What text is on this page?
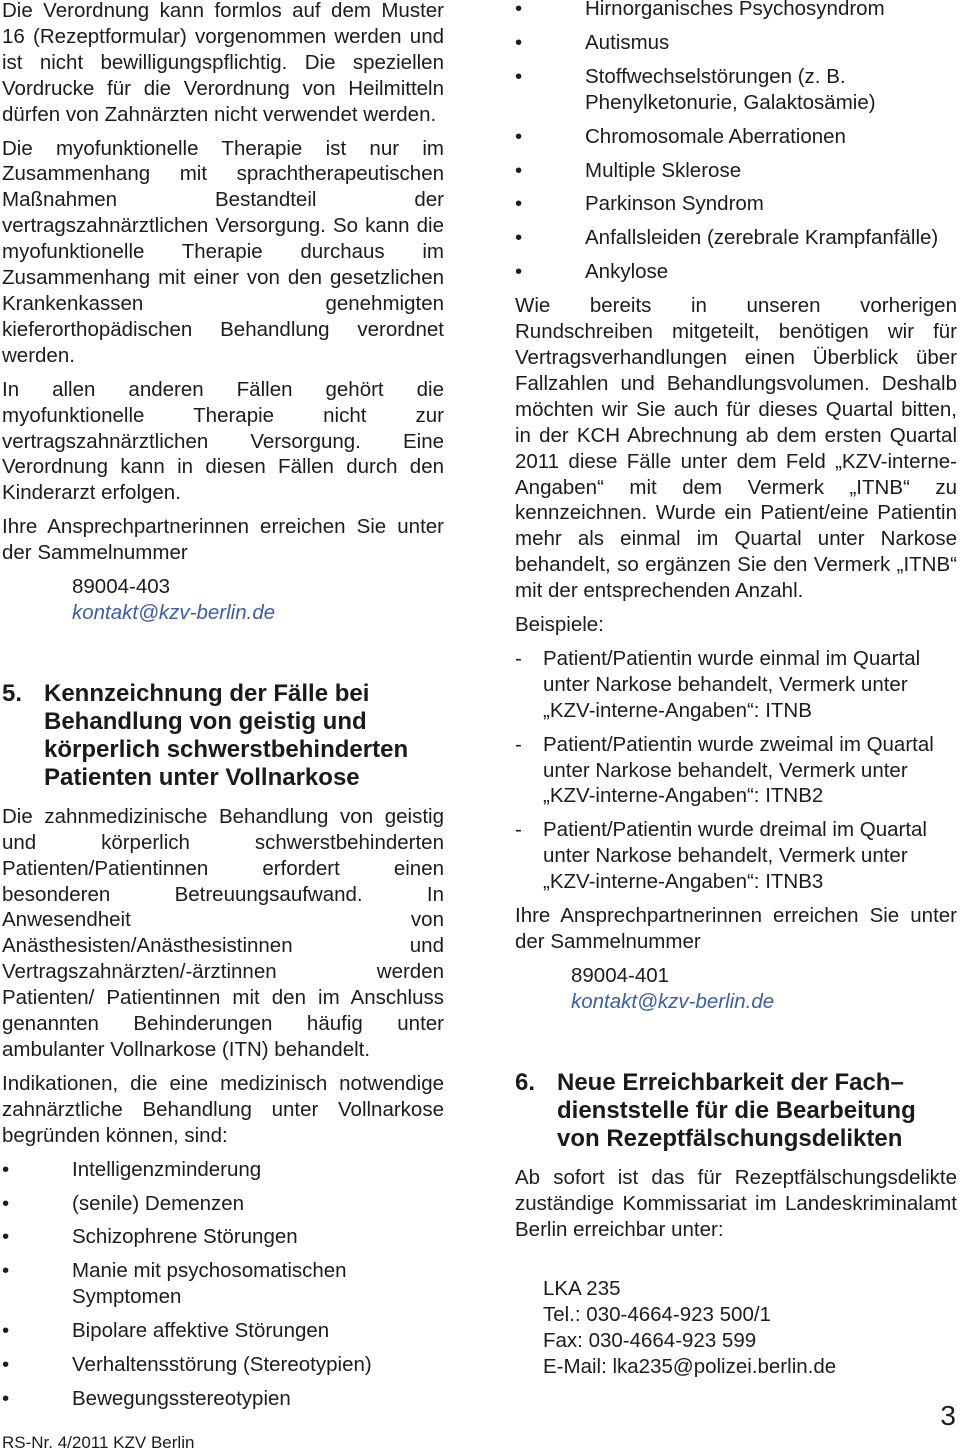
Die Verordnung kann formlos auf dem Muster 16 (Rezeptformular) vorgenommen werden und ist nicht bewilligungspflichtig. Die speziellen Vordrucke für die Verordnung von Heilmitteln dürfen von Zahnärzten nicht verwendet werden.

Die myofunktionelle Therapie ist nur im Zusammenhang mit sprachtherapeutischen Maßnahmen Bestandteil der vertragszahnärztlichen Versorgung. So kann die myofunktionelle Therapie durchaus im Zusammenhang mit einer von den gesetzlichen Krankenkassen genehmigten kieferorthopädischen Behandlung verordnet werden.

In allen anderen Fällen gehört die myofunktionelle Therapie nicht zur vertragszahnärztlichen Versorgung. Eine Verordnung kann in diesen Fällen durch den Kinderarzt erfolgen.

Ihre Ansprechpartnerinnen erreichen Sie unter der Sammelnummer

89004-403
kontakt@kzv-berlin.de
5. Kennzeichnung der Fälle bei Behandlung von geistig und körperlich schwerstbehinderten Patienten unter Vollnarkose

Die zahnmedizinische Behandlung von geistig und körperlich schwerstbehinderten Patienten/Patientinnen erfordert einen besonderen Betreuungsaufwand. In Anwesendheit von Anästhesisten/Anästhesistinnen und Vertragszahnärzten/-ärztinnen werden Patienten/ Patientinnen mit den im Anschluss genannten Behinderungen häufig unter ambulanter Vollnarkose (ITN) behandelt.

Indikationen, die eine medizinisch notwendige zahnärztliche Behandlung unter Vollnarkose begründen können, sind:

• Intelligenzminderung
• (senile) Demenzen
• Schizophrene Störungen
• Manie mit psychosomatischen Symptomen
• Bipolare affektive Störungen
• Verhaltensstörung (Stereotypien)
• Bewegungsstereotypien
• Hirnorganisches Psychosyndrom
• Autismus
• Stoffwechselstörungen (z. B. Phenylketonurie, Galaktosämie)
• Chromosomale Aberrationen
• Multiple Sklerose
• Parkinson Syndrom
• Anfallsleiden (zerebrale Krampfanfälle)
• Ankylose

Wie bereits in unseren vorherigen Rundschreiben mitgeteilt, benötigen wir für Vertragsverhandlungen einen Überblick über Fallzahlen und Behandlungsvolumen. Deshalb möchten wir Sie auch für dieses Quartal bitten, in der KCH Abrechnung ab dem ersten Quartal 2011 diese Fälle unter dem Feld „KZV-interne-Angaben“ mit dem Vermerk „ITNB“ zu kennzeichnen. Wurde ein Patient/eine Patientin mehr als einmal im Quartal unter Narkose behandelt, so ergänzen Sie den Vermerk „ITNB“ mit der entsprechenden Anzahl.

Beispiele:

- Patient/Patientin wurde einmal im Quartal unter Narkose behandelt, Vermerk unter „KZV-interne-Angaben“: ITNB
- Patient/Patientin wurde zweimal im Quartal unter Narkose behandelt, Vermerk unter „KZV-interne-Angaben“: ITNB2
- Patient/Patientin wurde dreimal im Quartal unter Narkose behandelt, Vermerk unter „KZV-interne-Angaben“: ITNB3

Ihre Ansprechpartnerinnen erreichen Sie unter der Sammelnummer

89004-401
kontakt@kzv-berlin.de
6. Neue Erreichbarkeit der Fach– dienststelle für die Bearbeitung von Rezeptfälschungsdelikten

Ab sofort ist das für Rezeptfälschungsdelikte zuständige Kommissariat im Landeskriminalamt Berlin erreichbar unter:

LKA 235
Tel.: 030-4664-923 500/1
Fax: 030-4664-923 599
E-Mail: lka235@polizei.berlin.de
RS-Nr. 4/2011 KZV Berlin
3
